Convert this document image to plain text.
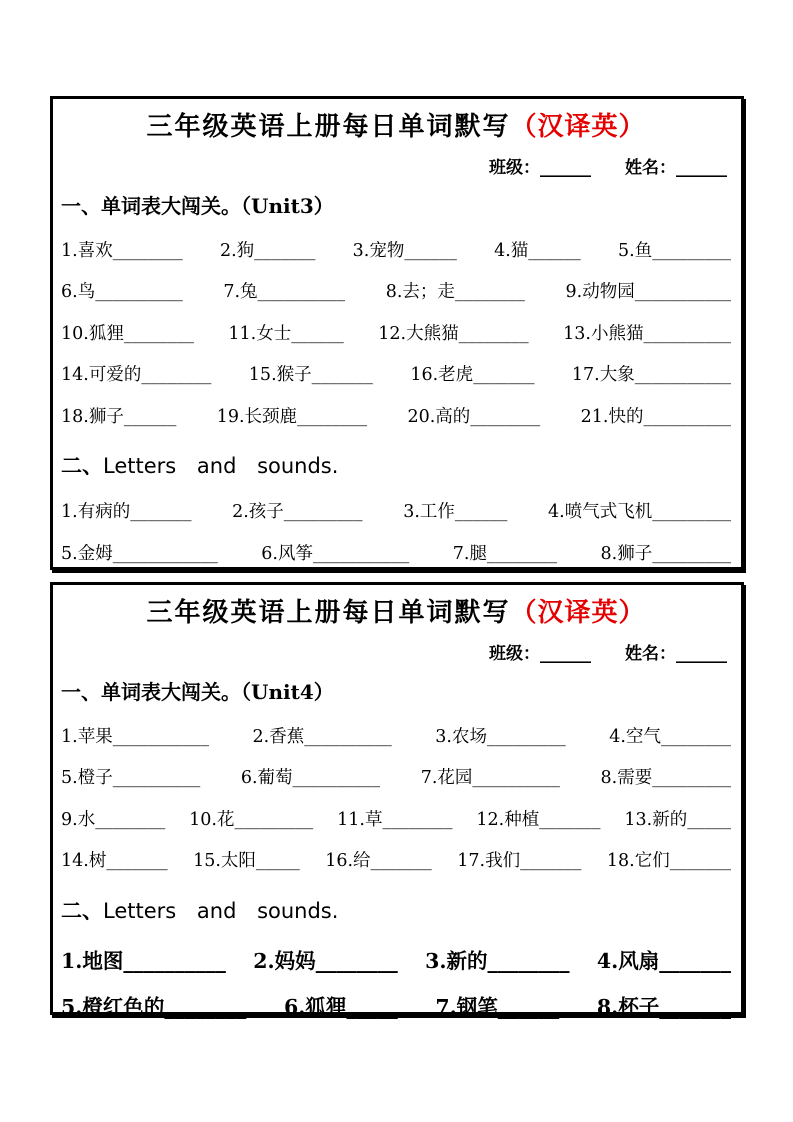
三年级英语上册每日单词默写（汉译英）
班级：______ 姓名：______
一、单词表大闯关。（Unit3）
1.喜欢 ________ 2.狗 _______ 3.宠物 ______ 4.猫 ______ 5.鱼 _________
6.鸟 __________ 7.兔 __________ 8.去；走 ________ 9.动物园 ___________
10.狐狸 ________ 11.女士 ______ 12.大熊猫 ________ 13.小熊猫 __________
14.可爱的 ________ 15.猴子 _______ 16.老虎 _______ 17.大象 ___________
18.狮子 ______ 19.长颈鹿 ________ 20.高的 ________ 21.快的 __________
二、Letters and sounds.
1.有病的 _______ 2.孩子 _________ 3.工作 ______ 4.喷气式飞机 _________
5.金姆 ____________ 6.风筝 ___________ 7.腿 ________ 8.狮子 _________
三年级英语上册每日单词默写（汉译英）
班级：______ 姓名：______
一、单词表大闯关。（Unit4）
1.苹果 ___________ 2.香蕉 __________ 3.农场 _________ 4.空气 ________
5.橙子 __________ 6.葡萄 __________ 7.花园 __________ 8.需要 _________
9.水 ________ 10.花 _________ 11.草 ________ 12.种植 _______ 13.新的 _____
14.树 _______ 15.太阳 _____ 16.给 _______ 17.我们 _______ 18.它们 _______
二、Letters and sounds.
1.地图 __________ 2.妈妈 ________ 3.新的 ________ 4.风扇 _______
5.橙红色的 ________ 6.狐狸 _____ 7.钢笔 ______ 8.杯子 _______
